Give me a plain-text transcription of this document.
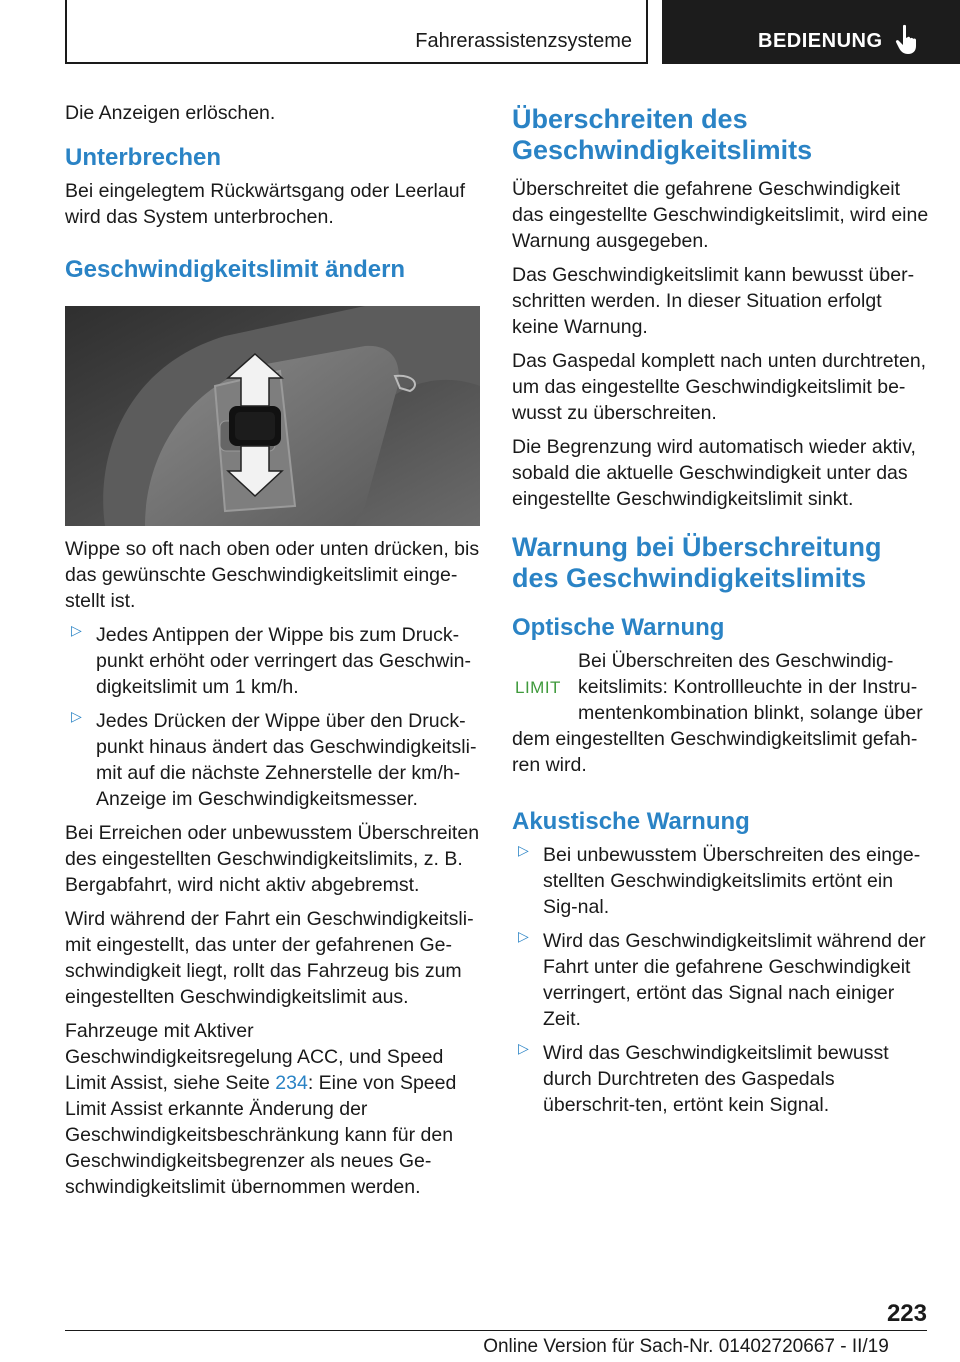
Fahrerassistenzsysteme	BEDIENUNG

Die Anzeigen erlöschen.

Unterbrechen

Bei eingelegtem Rückwärtsgang oder Leerlauf wird das System unterbrochen.

Geschwindigkeitslimit ändern

Wippe so oft nach oben oder unten drücken, bis das gewünschte Geschwindigkeitslimit einge-stellt ist.

▷ Jedes Antippen der Wippe bis zum Druck-punkt erhöht oder verringert das Geschwin-digkeitslimit um 1 km/h.

▷ Jedes Drücken der Wippe über den Druck-punkt hinaus ändert das Geschwindigkeitsli-mit auf die nächste Zehnerstelle der km/h-Anzeige im Geschwindigkeitsmesser.

Bei Erreichen oder unbewusstem Überschreiten des eingestellten Geschwindigkeitslimits, z. B. Bergabfahrt, wird nicht aktiv abgebremst.

Wird während der Fahrt ein Geschwindigkeitsli-mit eingestellt, das unter der gefahrenen Ge-schwindigkeit liegt, rollt das Fahrzeug bis zum eingestellten Geschwindigkeitslimit aus.

Fahrzeuge mit Aktiver Geschwindigkeitsregelung ACC, und Speed Limit Assist, siehe Seite 234: Eine von Speed Limit Assist erkannte Änderung der Geschwindigkeitsbeschränkung kann für den Geschwindigkeitsbegrenzer als neues Ge-schwindigkeitslimit übernommen werden.

Überschreiten des Geschwindigkeitslimits

Überschreitet die gefahrene Geschwindigkeit das eingestellte Geschwindigkeitslimit, wird eine Warnung ausgegeben.

Das Geschwindigkeitslimit kann bewusst über-schritten werden. In dieser Situation erfolgt keine Warnung.

Das Gaspedal komplett nach unten durchtreten, um das eingestellte Geschwindigkeitslimit be-wusst zu überschreiten.

Die Begrenzung wird automatisch wieder aktiv, sobald die aktuelle Geschwindigkeit unter das eingestellte Geschwindigkeitslimit sinkt.

Warnung bei Überschreitung des Geschwindigkeitslimits
Optische Warnung
LIMIT

Bei Überschreiten des Geschwindig-keitslimits: Kontrollleuchte in der Instru-mentenkombination blinkt, solange über

dem eingestellten Geschwindigkeitslimit gefah-ren wird.

Akustische Warnung
▷ Bei unbewusstem Überschreiten des einge-stellten Geschwindigkeitslimits ertönt ein Sig-nal.

▷ Wird das Geschwindigkeitslimit während der Fahrt unter die gefahrene Geschwindigkeit verringert, ertönt das Signal nach einiger Zeit.

▷ Wird das Geschwindigkeitslimit bewusst durch Durchtreten des Gaspedals überschrit-ten, ertönt kein Signal.

223
Online Version für Sach-Nr. 01402720667 - II/19
